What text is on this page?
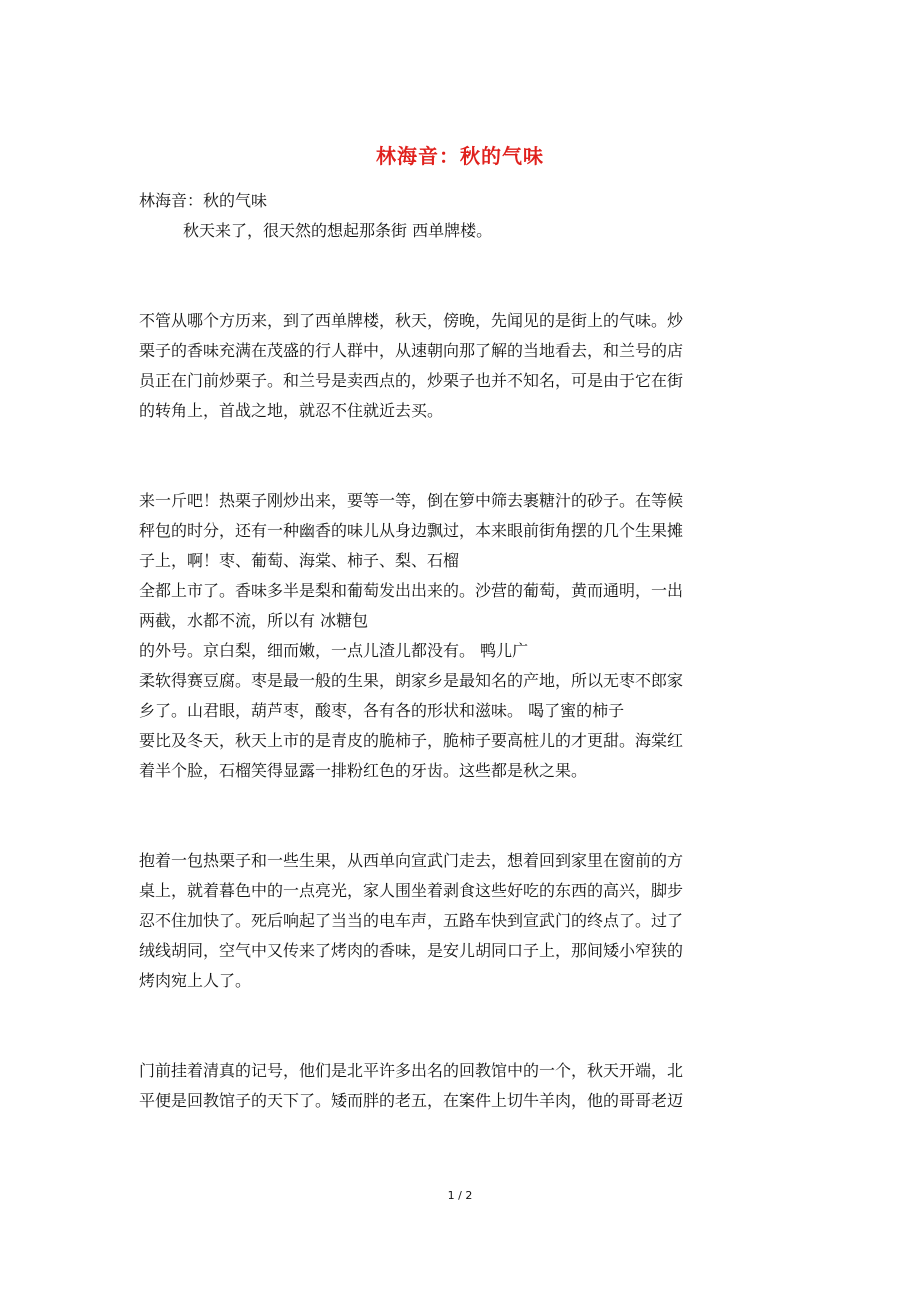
林海音：秋的气味
林海音：秋的气味
秋天来了，很天然的想起那条街 西单牌楼。
不管从哪个方历来，到了西单牌楼，秋天，傍晚，先闻见的是街上的气味。炒
栗子的香味充满在茂盛的行人群中，从速朝向那了解的当地看去，和兰号的店
员正在门前炒栗子。和兰号是卖西点的，炒栗子也并不知名，可是由于它在街
的转角上，首战之地，就忍不住就近去买。
来一斤吧！热栗子刚炒出来，要等一等，倒在箩中筛去裹糖汁的砂子。在等候
秤包的时分，还有一种幽香的味儿从身边飘过，本来眼前街角摆的几个生果摊
子上，啊！枣、葡萄、海棠、柿子、梨、石榴
全都上市了。香味多半是梨和葡萄发出出来的。沙营的葡萄，黄而通明，一出
两截，水都不流，所以有 冰糖包
的外号。京白梨，细而嫩，一点儿渣儿都没有。 鸭儿广
柔软得赛豆腐。枣是最一般的生果，朗家乡是最知名的产地，所以无枣不郎家
乡了。山君眼，葫芦枣，酸枣，各有各的形状和滋味。 喝了蜜的柿子
要比及冬天，秋天上市的是青皮的脆柿子，脆柿子要高桩儿的才更甜。海棠红
着半个脸，石榴笑得显露一排粉红色的牙齿。这些都是秋之果。
抱着一包热栗子和一些生果，从西单向宣武门走去，想着回到家里在窗前的方
桌上，就着暮色中的一点亮光，家人围坐着剥食这些好吃的东西的高兴，脚步
忍不住加快了。死后响起了当当的电车声，五路车快到宣武门的终点了。过了
绒线胡同，空气中又传来了烤肉的香味，是安儿胡同口子上，那间矮小窄狭的
烤肉宛上人了。
门前挂着清真的记号，他们是北平许多出名的回教馆中的一个，秋天开端，北
平便是回教馆子的天下了。矮而胖的老五，在案件上切牛羊肉，他的哥哥老迈
1 / 2
